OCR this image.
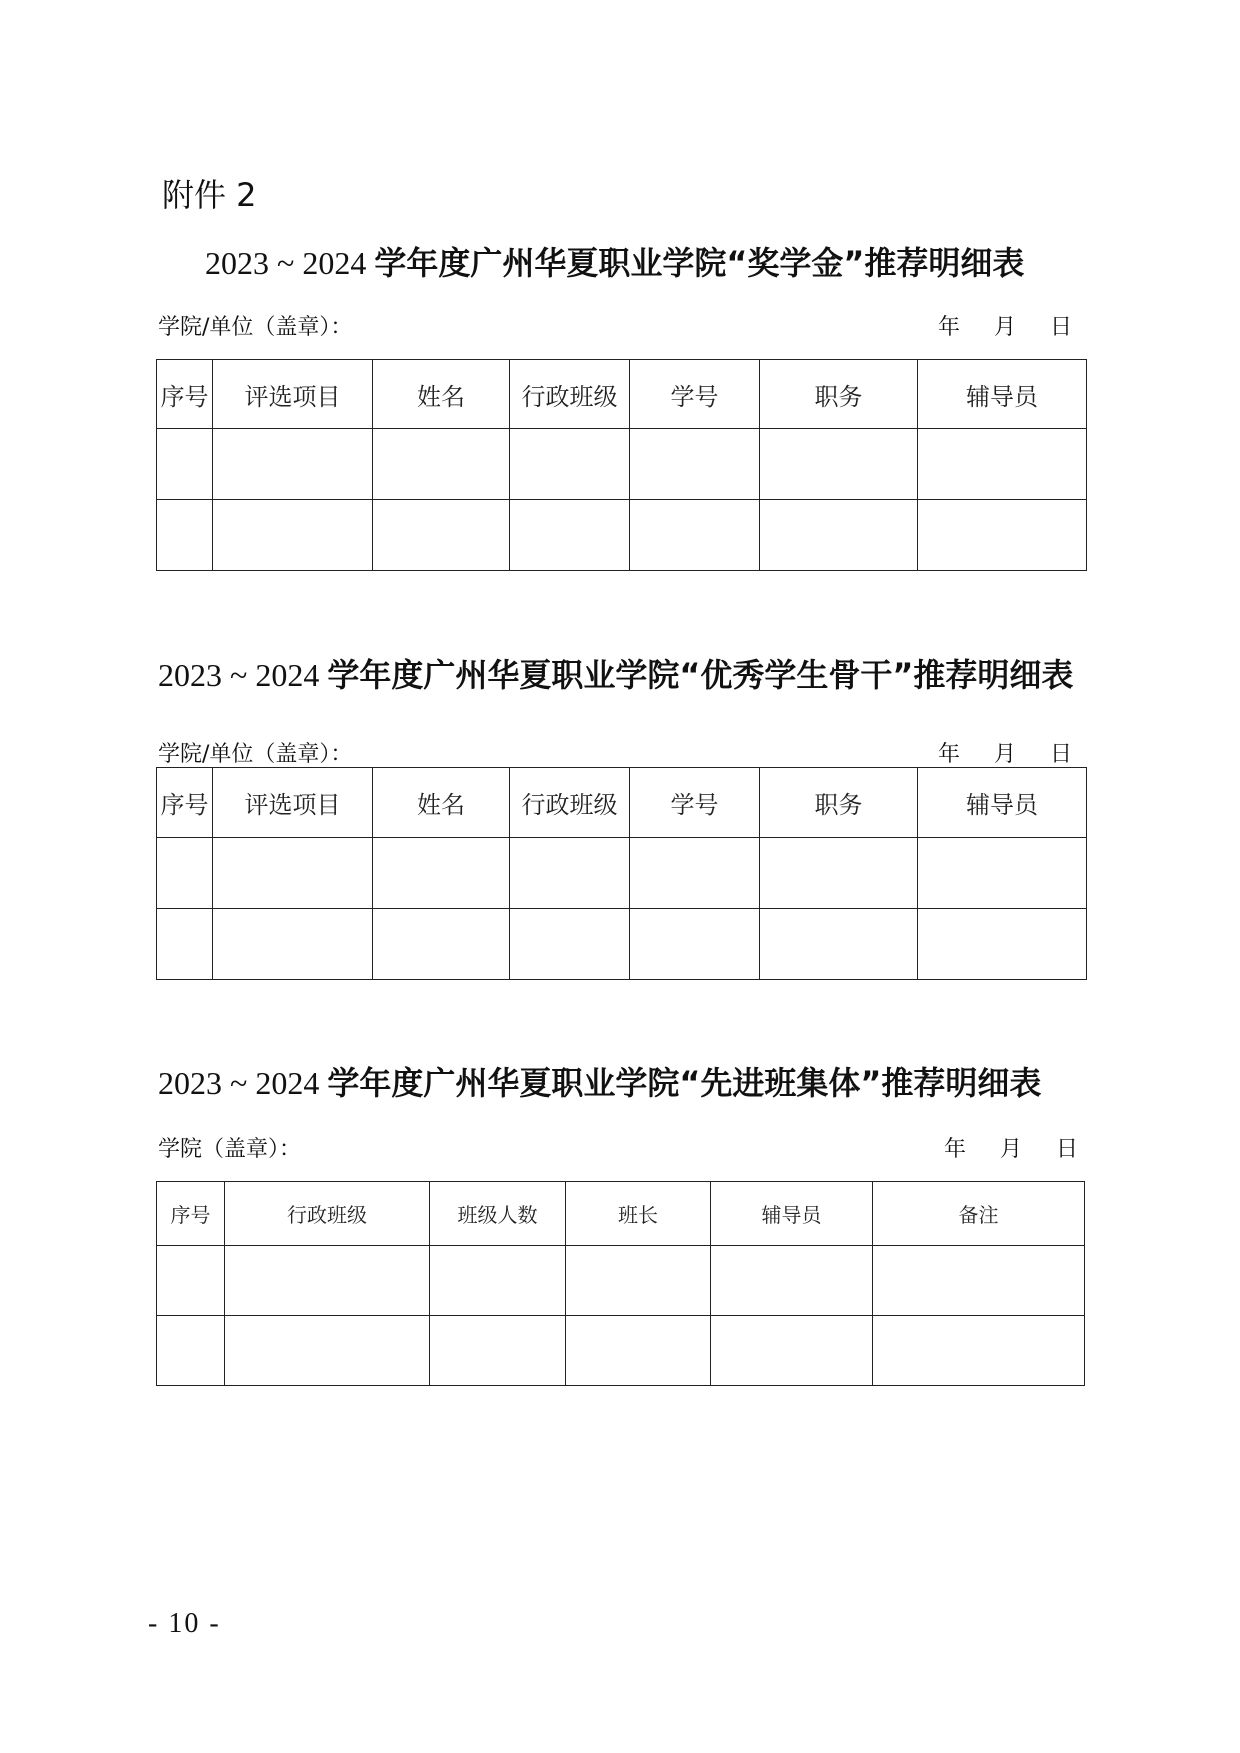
附件 2
2023 ~ 2024 学年度广州华夏职业学院“奖学金”推荐明细表
学院/单位（盖章）：	年 月 日
序号	评选项目	姓名	行政班级	学号	职务	辅导员

2023 ~ 2024 学年度广州华夏职业学院“优秀学生骨干”推荐明细表
学院/单位（盖章）：	年 月 日
序号	评选项目	姓名	行政班级	学号	职务	辅导员

2023 ~ 2024 学年度广州华夏职业学院“先进班集体”推荐明细表
学院（盖章）：	年 月 日
序号	行政班级	班级人数	班长	辅导员	备注

- 10 -
